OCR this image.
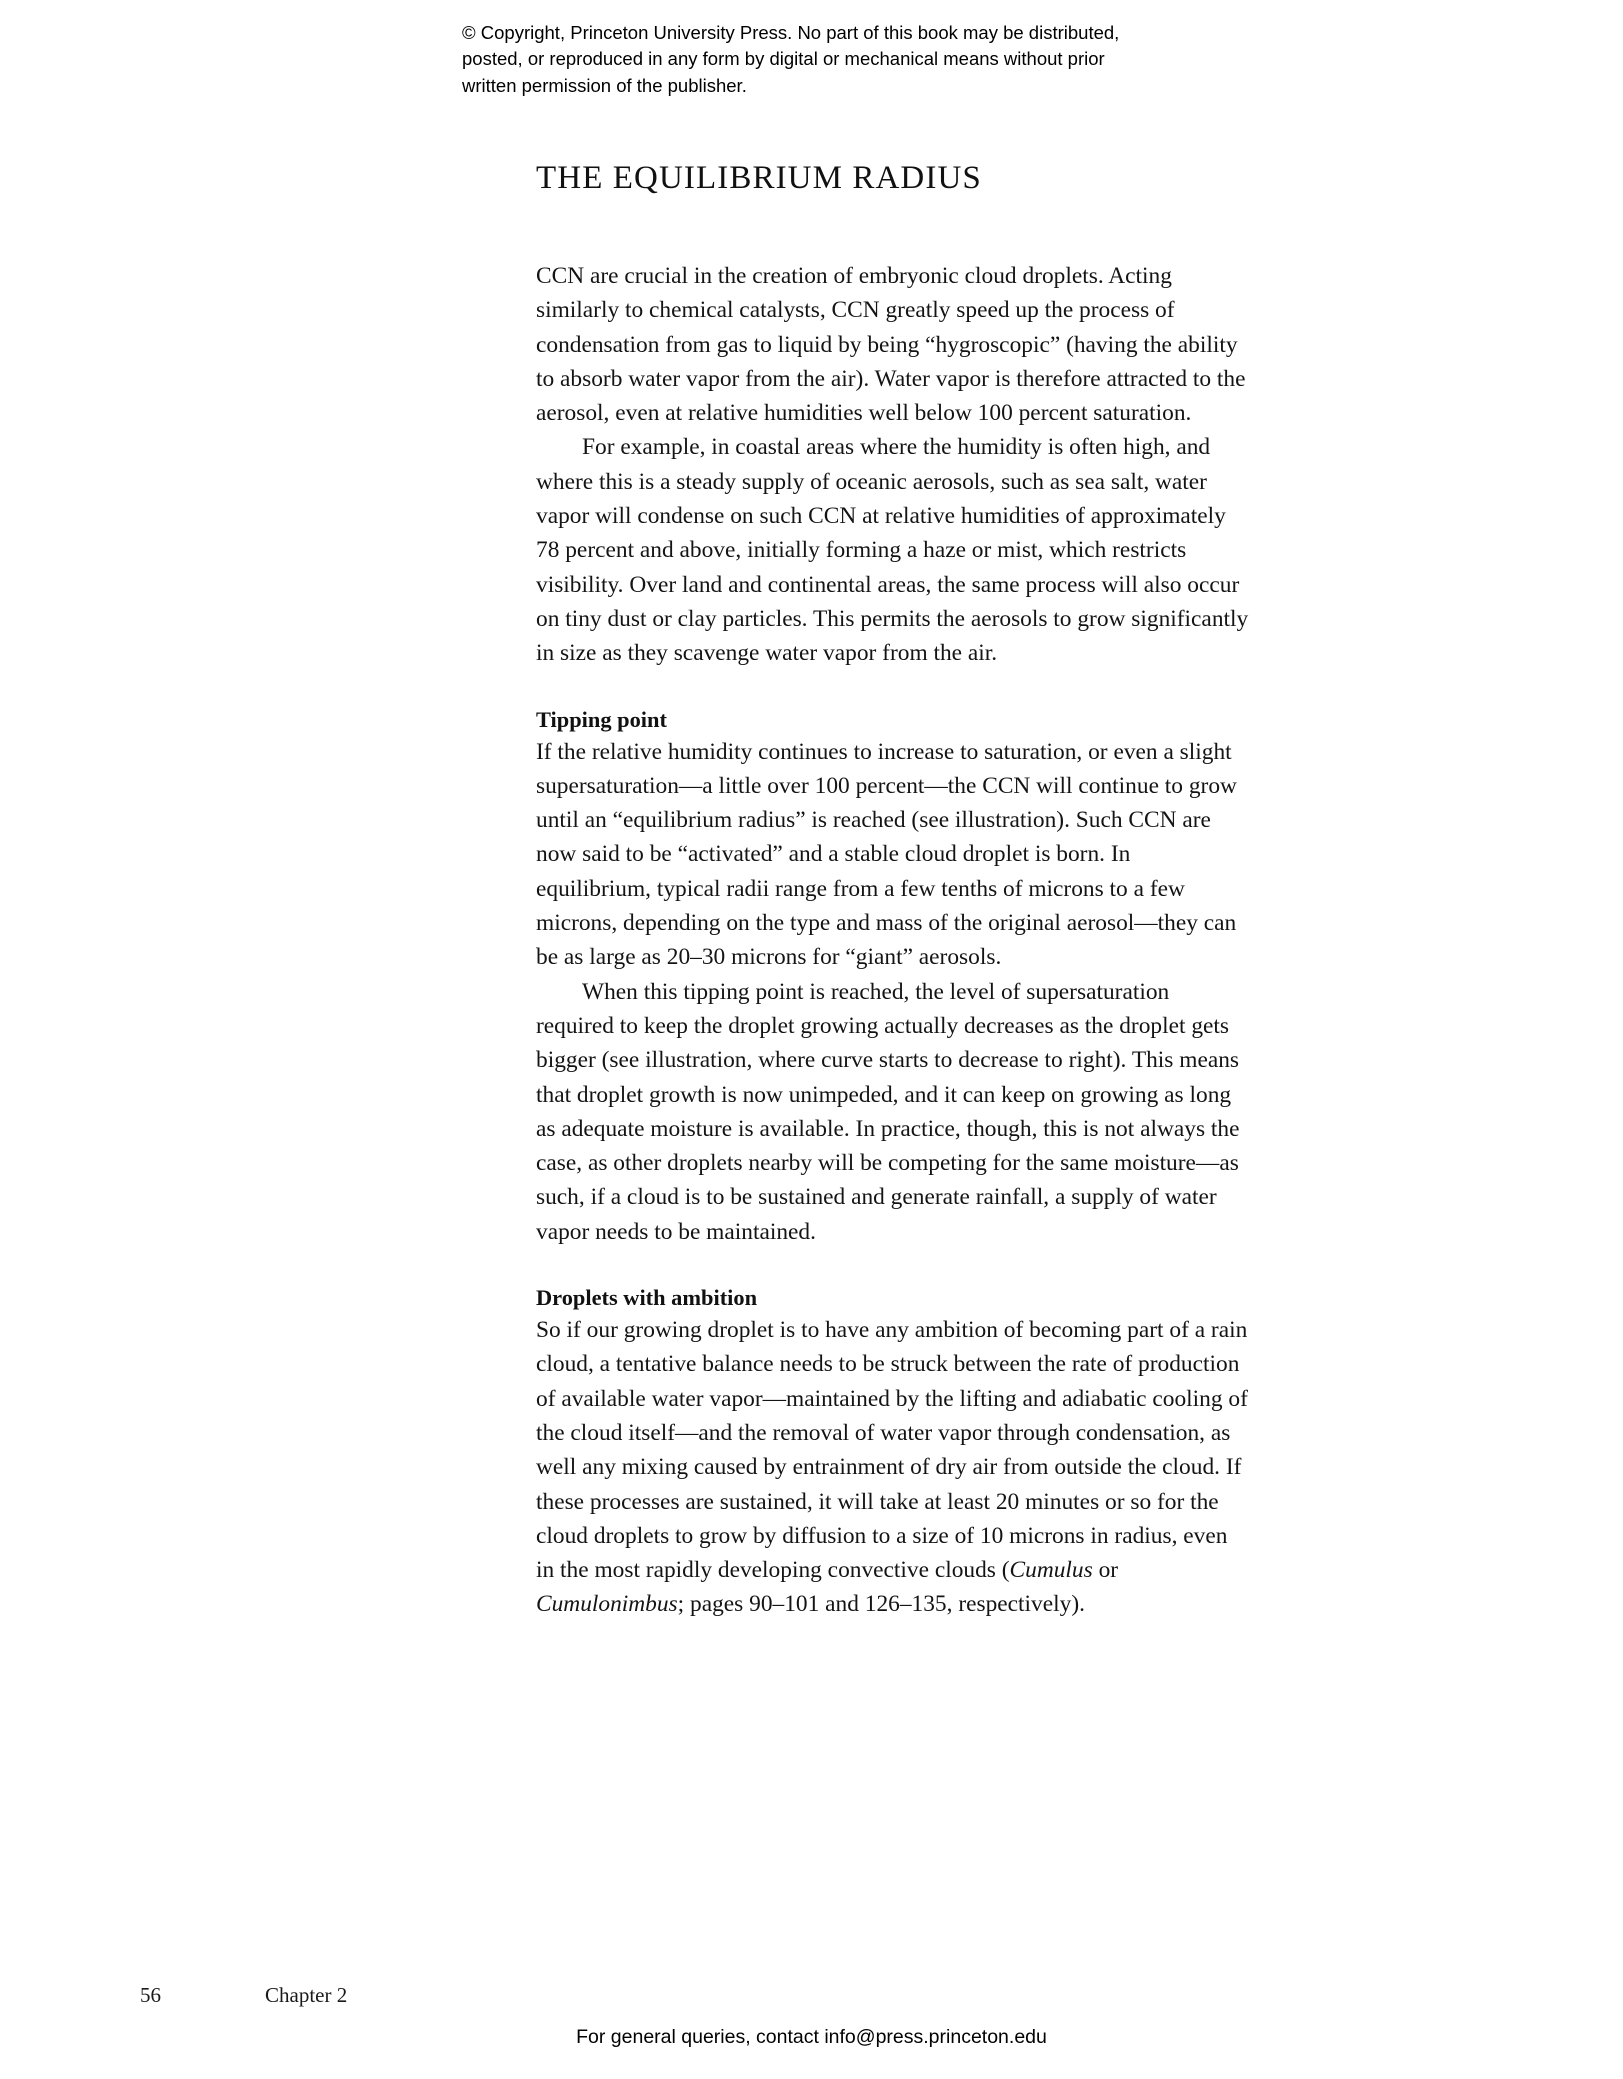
© Copyright, Princeton University Press. No part of this book may be distributed, posted, or reproduced in any form by digital or mechanical means without prior written permission of the publisher.
THE EQUILIBRIUM RADIUS

CCN are crucial in the creation of embryonic cloud droplets. Acting similarly to chemical catalysts, CCN greatly speed up the process of condensation from gas to liquid by being “hygroscopic” (having the ability to absorb water vapor from the air). Water vapor is therefore attracted to the aerosol, even at relative humidities well below 100 percent saturation.

For example, in coastal areas where the humidity is often high, and where this is a steady supply of oceanic aerosols, such as sea salt, water vapor will condense on such CCN at relative humidities of approximately 78 percent and above, initially forming a haze or mist, which restricts visibility. Over land and continental areas, the same process will also occur on tiny dust or clay particles. This permits the aerosols to grow significantly in size as they scavenge water vapor from the air.

Tipping point

If the relative humidity continues to increase to saturation, or even a slight supersaturation—a little over 100 percent—the CCN will continue to grow until an “equilibrium radius” is reached (see illustration). Such CCN are now said to be “activated” and a stable cloud droplet is born. In equilibrium, typical radii range from a few tenths of microns to a few microns, depending on the type and mass of the original aerosol—they can be as large as 20–30 microns for “giant” aerosols.

When this tipping point is reached, the level of supersaturation required to keep the droplet growing actually decreases as the droplet gets bigger (see illustration, where curve starts to decrease to right). This means that droplet growth is now unimpeded, and it can keep on growing as long as adequate moisture is available. In practice, though, this is not always the case, as other droplets nearby will be competing for the same moisture—as such, if a cloud is to be sustained and generate rainfall, a supply of water vapor needs to be maintained.

Droplets with ambition

So if our growing droplet is to have any ambition of becoming part of a rain cloud, a tentative balance needs to be struck between the rate of production of available water vapor—maintained by the lifting and adiabatic cooling of the cloud itself—and the removal of water vapor through condensation, as well any mixing caused by entrainment of dry air from outside the cloud. If these processes are sustained, it will take at least 20 minutes or so for the cloud droplets to grow by diffusion to a size of 10 microns in radius, even in the most rapidly developing convective clouds (Cumulus or Cumulonimbus; pages 90–101 and 126–135, respectively).

56	Chapter 2
For general queries, contact info@press.princeton.edu
